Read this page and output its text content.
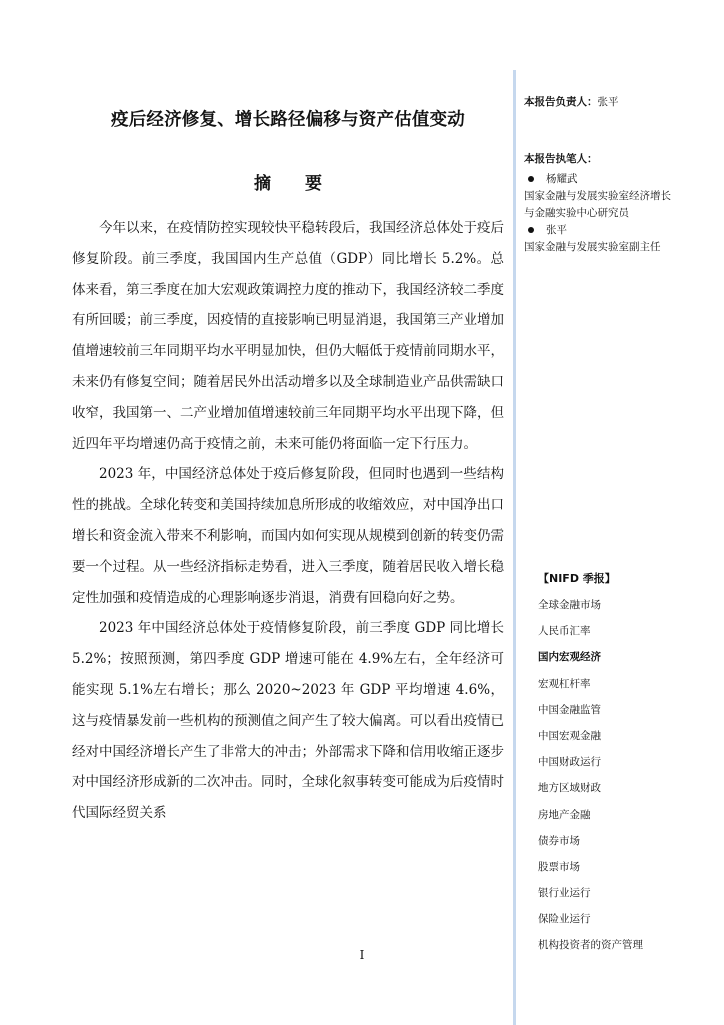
疫后经济修复、增长路径偏移与资产估值变动
摘 要

今年以来，在疫情防控实现较快平稳转段后，我国经济总体处于疫后修复阶段。前三季度，我国国内生产总值（GDP）同比增长 5.2%。总体来看，第三季度在加大宏观政策调控力度的推动下，我国经济较二季度有所回暖；前三季度，因疫情的直接影响已明显消退，我国第三产业增加值增速较前三年同期平均水平明显加快，但仍大幅低于疫情前同期水平，未来仍有修复空间；随着居民外出活动增多以及全球制造业产品供需缺口收窄，我国第一、二产业增加值增速较前三年同期平均水平出现下降，但近四年平均增速仍高于疫情之前，未来可能仍将面临一定下行压力。

2023 年，中国经济总体处于疫后修复阶段，但同时也遇到一些结构性的挑战。全球化转变和美国持续加息所形成的收缩效应，对中国净出口增长和资金流入带来不利影响，而国内如何实现从规模到创新的转变仍需要一个过程。从一些经济指标走势看，进入三季度，随着居民收入增长稳定性加强和疫情造成的心理影响逐步消退，消费有回稳向好之势。

2023 年中国经济总体处于疫情修复阶段，前三季度 GDP 同比增长 5.2%；按照预测，第四季度 GDP 增速可能在 4.9%左右，全年经济可能实现 5.1%左右增长；那么 2020~2023 年 GDP 平均增速 4.6%，这与疫情暴发前一些机构的预测值之间产生了较大偏离。可以看出疫情已经对中国经济增长产生了非常大的冲击；外部需求下降和信用收缩正逐步对中国经济形成新的二次冲击。同时，全球化叙事转变可能成为后疫情时代国际经贸关系

I
本报告负责人：张平
本报告执笔人：
杨耀武
国家金融与发展实验室经济增长与金融实验中心研究员
张平
国家金融与发展实验室副主任
【NIFD 季报】
全球金融市场
人民币汇率
国内宏观经济
宏观杠杆率
中国金融监管
中国宏观金融
中国财政运行
地方区域财政
房地产金融
债券市场
股票市场
银行业运行
保险业运行
机构投资者的资产管理
